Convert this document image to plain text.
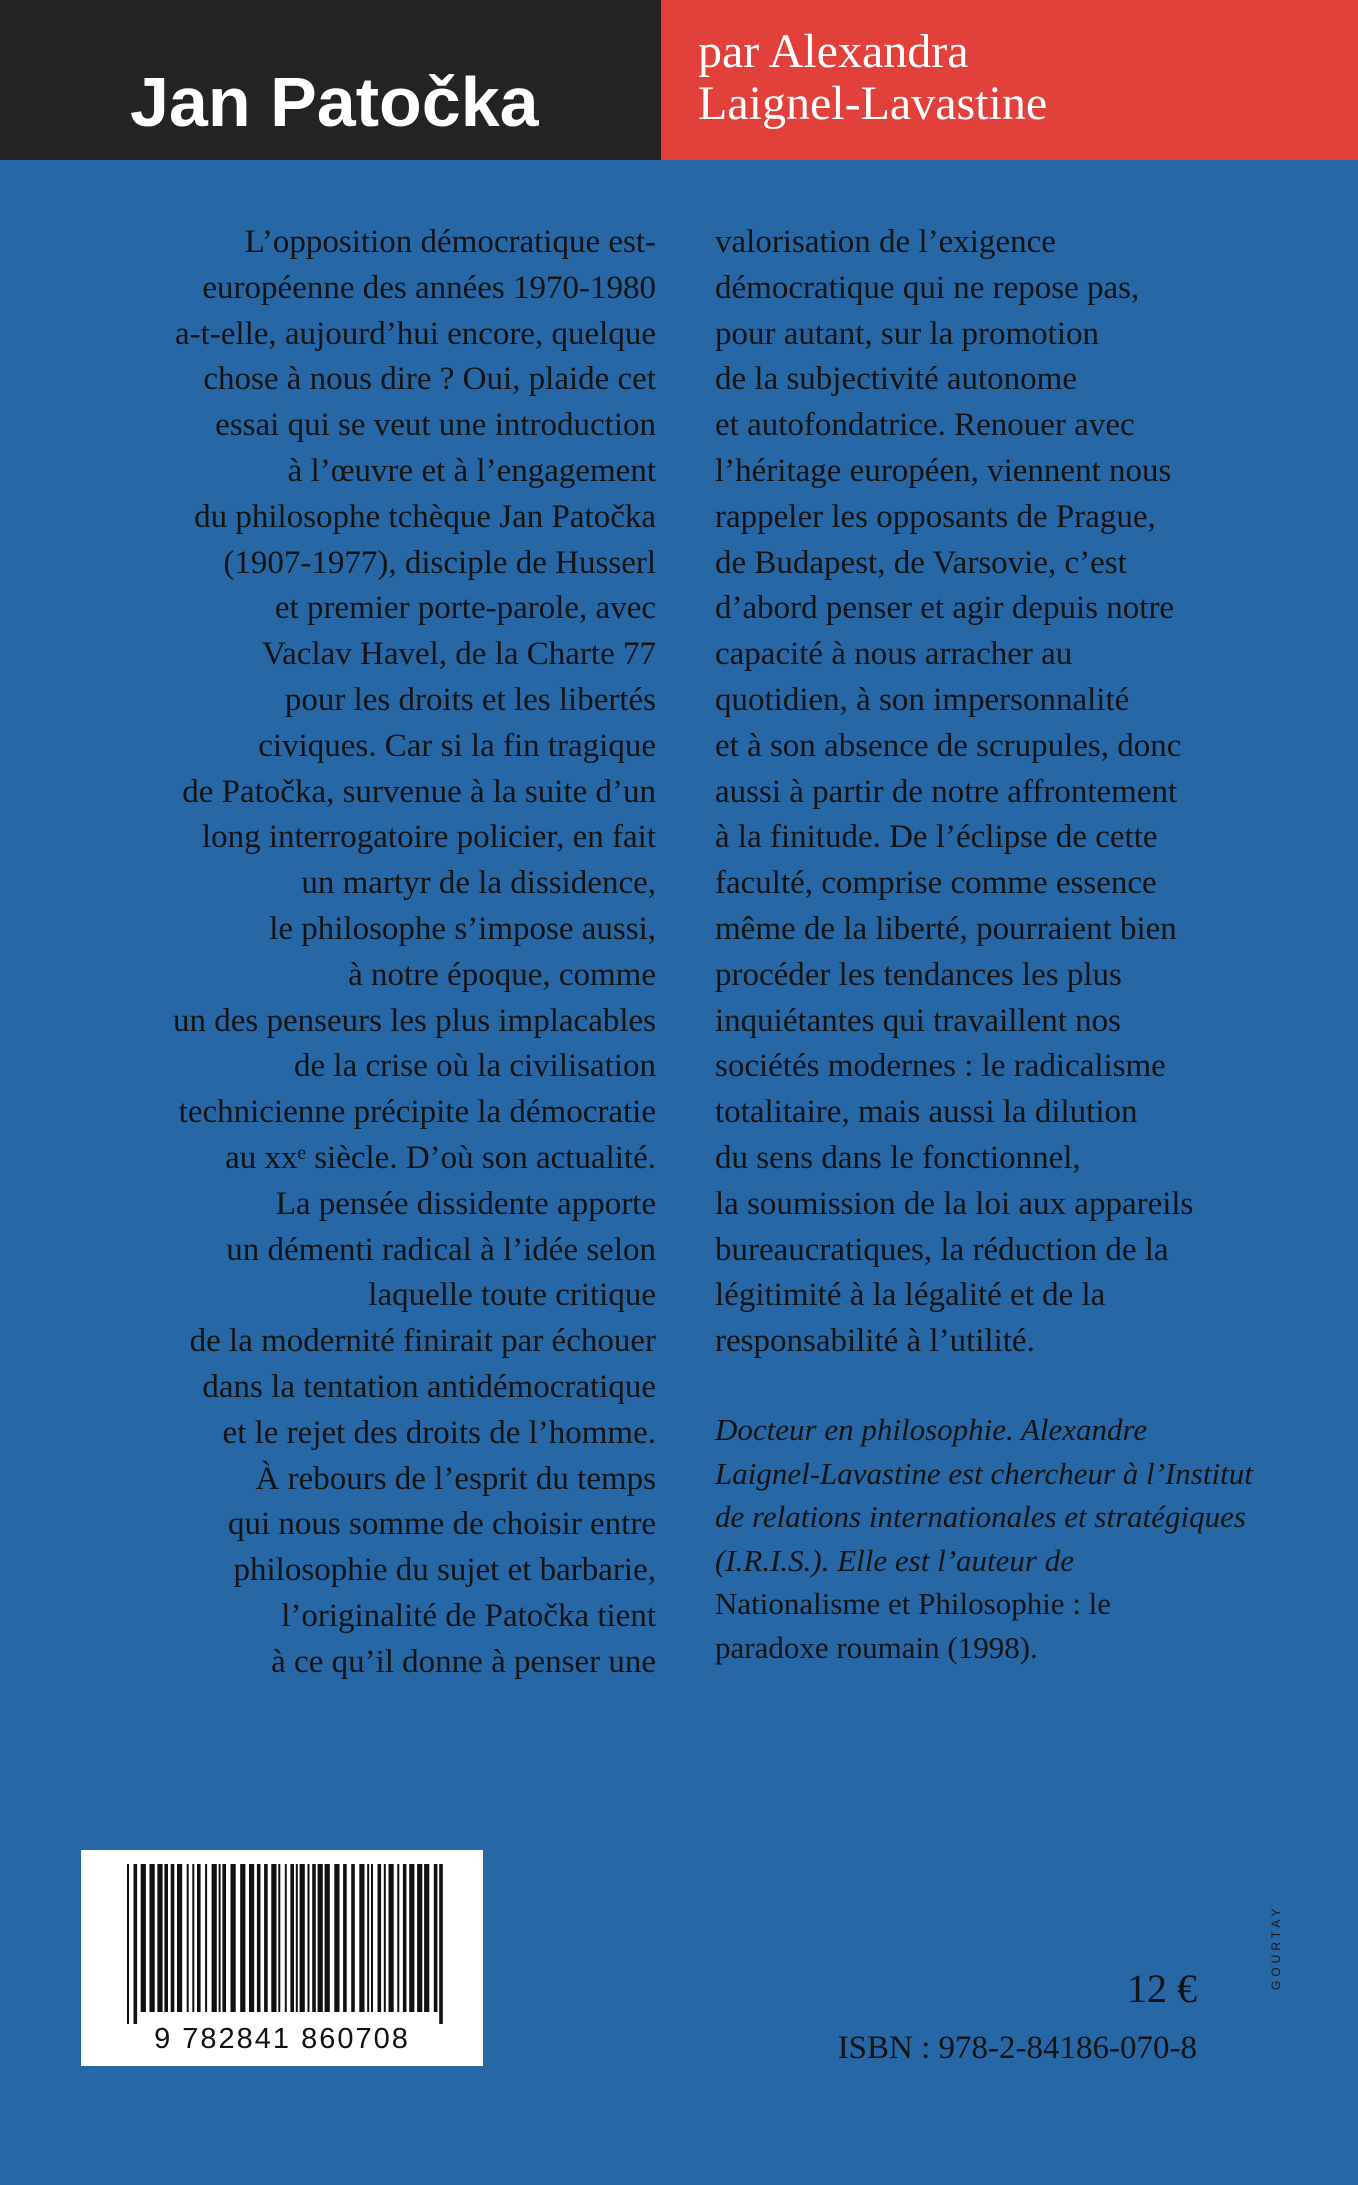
Jan Patočka
par Alexandra
Laignel-Lavastine
L’opposition démocratique est-
européenne des années 1970-1980
a-t-elle, aujourd’hui encore, quelque
chose à nous dire ? Oui, plaide cet
essai qui se veut une introduction
à l’œuvre et à l’engagement
du philosophe tchèque Jan Patočka
(1907-1977), disciple de Husserl
et premier porte-parole, avec
Vaclav Havel, de la Charte 77
pour les droits et les libertés
civiques. Car si la fin tragique
de Patočka, survenue à la suite d’un
long interrogatoire policier, en fait
un martyr de la dissidence,
le philosophe s’impose aussi,
à notre époque, comme
un des penseurs les plus implacables
de la crise où la civilisation
technicienne précipite la démocratie
au xxᵉ siècle. D’où son actualité.
La pensée dissidente apporte
un démenti radical à l’idée selon
laquelle toute critique
de la modernité finirait par échouer
dans la tentation antidémocratique
et le rejet des droits de l’homme.
À rebours de l’esprit du temps
qui nous somme de choisir entre
philosophie du sujet et barbarie,
l’originalité de Patočka tient
à ce qu’il donne à penser une
valorisation de l’exigence
démocratique qui ne repose pas,
pour autant, sur la promotion
de la subjectivité autonome
et autofondatrice. Renouer avec
l’héritage européen, viennent nous
rappeler les opposants de Prague,
de Budapest, de Varsovie, c’est
d’abord penser et agir depuis notre
capacité à nous arracher au
quotidien, à son impersonnalité
et à son absence de scrupules, donc
aussi à partir de notre affrontement
à la finitude. De l’éclipse de cette
faculté, comprise comme essence
même de la liberté, pourraient bien
procéder les tendances les plus
inquiétantes qui travaillent nos
sociétés modernes : le radicalisme
totalitaire, mais aussi la dilution
du sens dans le fonctionnel,
la soumission de la loi aux appareils
bureaucratiques, la réduction de la
légitimité à la légalité et de la
responsabilité à l’utilité.
Docteur en philosophie. Alexandre
Laignel-Lavastine est chercheur à l’Institut
de relations internationales et stratégiques
(I.R.I.S.). Elle est l’auteur de
Nationalisme et Philosophie : le
paradoxe roumain (1998).
9 782841 860708
12 €
ISBN : 978-2-84186-070-8
GOURTAY
